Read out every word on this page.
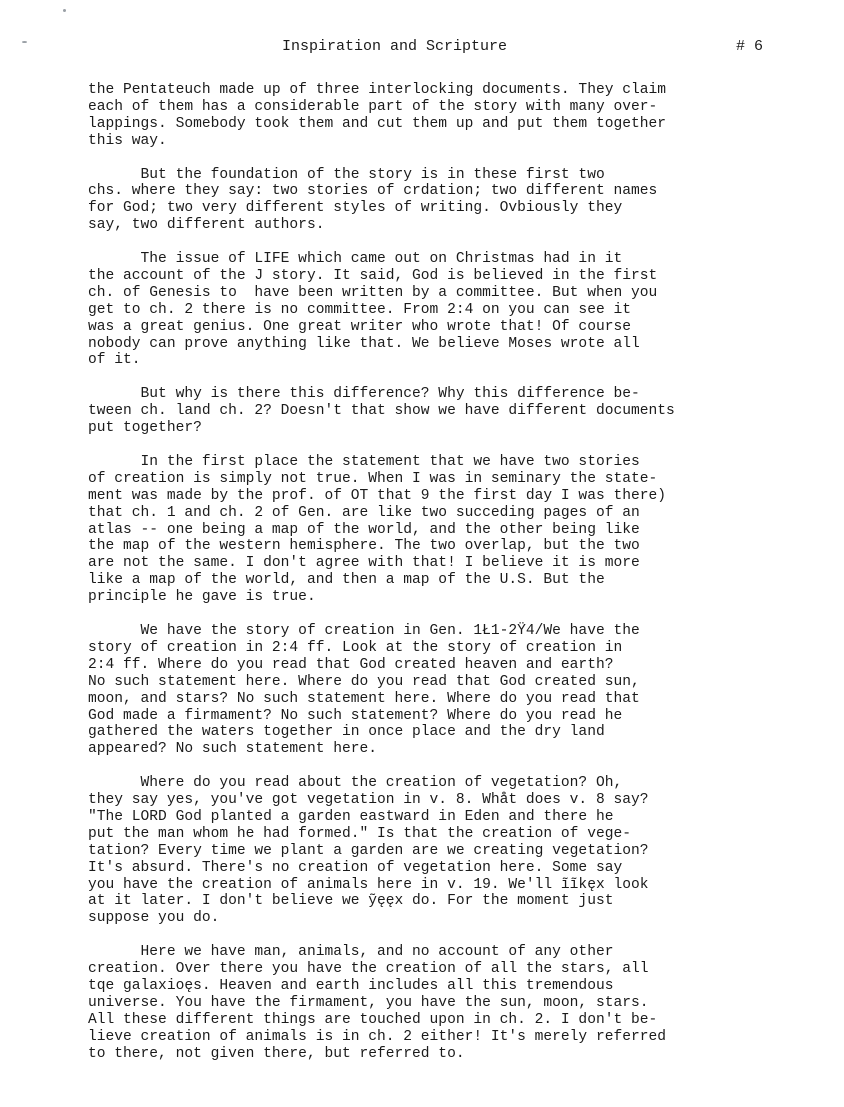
Inspiration and Scripture	# 6
the Pentateuch made up of three interlocking documents. They claim
each of them has a considerable part of the story with many over-
lappings. Somebody took them and cut them up and put them together
this way.
But the foundation of the story is in these first two
chs. where they say: two stories of crdation; two different names
for God; two very different styles of writing. Ovbiously they
say, two different authors.
The issue of LIFE which came out on Christmas had in it
the account of the J story. It said, God is believed in the first
ch. of Genesis to  have been written by a committee. But when you
get to ch. 2 there is no committee. From 2:4 on you can see it
was a great genius. One great writer who wrote that! Of course
nobody can prove anything like that. We believe Moses wrote all
of it.
But why is there this difference? Why this difference be-
tween ch. land ch. 2? Doesn't that show we have different documents
put together?
In the first place the statement that we have two stories
of creation is simply not true. When I was in seminary the state-
ment was made by the prof. of OT that 9 the first day I was there)
that ch. 1 and ch. 2 of Gen. are like two succeding pages of an
atlas -- one being a map of the world, and the other being like
the map of the western hemisphere. The two overlap, but the two
are not the same. I don't agree with that! I believe it is more
like a map of the world, and then a map of the U.S. But the
principle he gave is true.
We have the story of creation in Gen. 1Ł1-2Ÿ4/We have the
story of creation in 2:4 ff. Look at the story of creation in
2:4 ff. Where do you read that God created heaven and earth?
No such statement here. Where do you read that God created sun,
moon, and stars? No such statement here. Where do you read that
God made a firmament? No such statement? Where do you read he
gathered the waters together in once place and the dry land
appeared? No such statement here.
Where do you read about the creation of vegetation? Oh,
they say yes, you've got vegetation in v. 8. Whåt does v. 8 say?
"The LORD God planted a garden eastward in Eden and there he
put the man whom he had formed." Is that the creation of vege-
tation? Every time we plant a garden are we creating vegetation?
It's absurd. There's no creation of vegetation here. Some say
you have the creation of animals here in v. 19. We'll ĩĩkęx look
at it later. I don't believe we ỹęęx do. For the moment just
suppose you do.
Here we have man, animals, and no account of any other
creation. Over there you have the creation of all the stars, all
tqe galaxioęs. Heaven and earth includes all this tremendous
universe. You have the firmament, you have the sun, moon, stars.
All these different things are touched upon in ch. 2. I don't be-
lieve creation of animals is in ch. 2 either! It's merely referred
to there, not given there, but referred to.
